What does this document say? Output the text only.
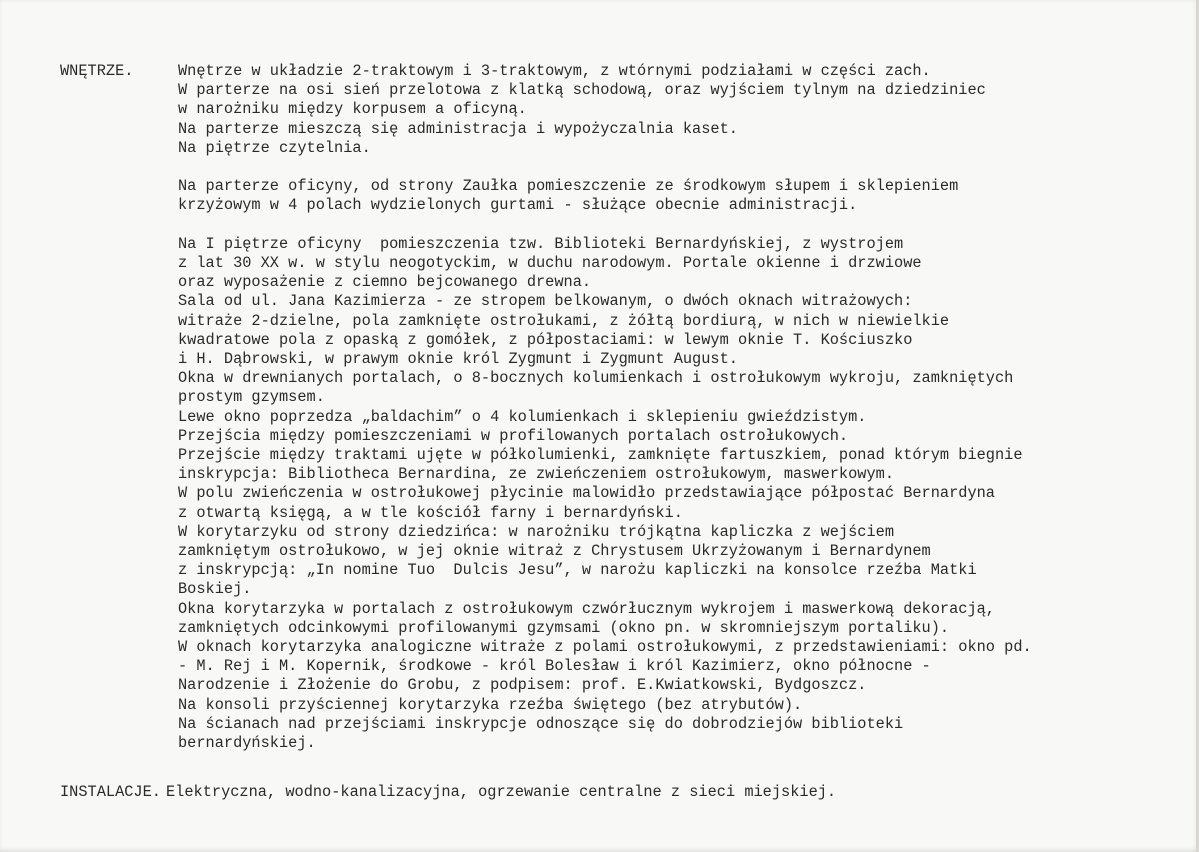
WNĘTRZE.	Wnętrze w układzie 2-traktowym i 3-traktowym, z wtórnymi podziałami w części zach.
W parterze na osi sień przelotowa z klatką schodową, oraz wyjściem tylnym na dziedziniec
w narożniku między korpusem a oficyną.
Na parterze mieszczą się administracja i wypożyczalnia kaset.
Na piętrze czytelnia.
Na parterze oficyny, od strony Zaułka pomieszczenie ze środkowym słupem i sklepieniem
krzyżowym w 4 polach wydzielonych gurtami - służące obecnie administracji.
Na I piętrze oficyny  pomieszczenia tzw. Biblioteki Bernardyńskiej, z wystrojem
z lat 30 XX w. w stylu neogotyckim, w duchu narodowym. Portale okienne i drzwiowe
oraz wyposażenie z ciemno bejcowanego drewna.
Sala od ul. Jana Kazimierza - ze stropem belkowanym, o dwóch oknach witrażowych:
witraże 2-dzielne, pola zamknięte ostrołukami, z żółtą bordiurą, w nich w niewielkie
kwadratowe pola z opaską z gomółek, z półpostaciami: w lewym oknie T. Kościuszko
i H. Dąbrowski, w prawym oknie król Zygmunt i Zygmunt August.
Okna w drewnianych portalach, o 8-bocznych kolumienkach i ostrołukowym wykroju, zamkniętych
prostym gzymsem.
Lewe okno poprzedza „baldachim” o 4 kolumienkach i sklepieniu gwieździstym.
Przejścia między pomieszczeniami w profilowanych portalach ostrołukowych.
Przejście między traktami ujęte w półkolumienki, zamknięte fartuszkiem, ponad którym biegnie
inskrypcja: Bibliotheca Bernardina, ze zwieńczeniem ostrołukowym, maswerkowym.
W polu zwieńczenia w ostrołukowej płycinie malowidło przedstawiające półpostać Bernardyna
z otwartą księgą, a w tle kościół farny i bernardyński.
W korytarzyku od strony dziedzińca: w narożniku trójkątna kapliczka z wejściem
zamkniętym ostrołukowo, w jej oknie witraż z Chrystusem Ukrzyżowanym i Bernardynem
z inskrypcją: „In nomine Tuo  Dulcis Jesu”, w narożu kapliczki na konsolce rzeźba Matki
Boskiej.
Okna korytarzyka w portalach z ostrołukowym czwórłucznym wykrojem i maswerkową dekoracją,
zamkniętych odcinkowymi profilowanymi gzymsami (okno pn. w skromniejszym portaliku).
W oknach korytarzyka analogiczne witraże z polami ostrołukowymi, z przedstawieniami: okno pd.
- M. Rej i M. Kopernik, środkowe - król Bolesław i król Kazimierz, okno północne -
Narodzenie i Złożenie do Grobu, z podpisem: prof. E.Kwiatkowski, Bydgoszcz.
Na konsoli przyściennej korytarzyka rzeźba świętego (bez atrybutów).
Na ścianach nad przejściami inskrypcje odnoszące się do dobrodziejów biblioteki
bernardyńskiej.
INSTALACJE. Elektryczna, wodno-kanalizacyjna, ogrzewanie centralne z sieci miejskiej.
